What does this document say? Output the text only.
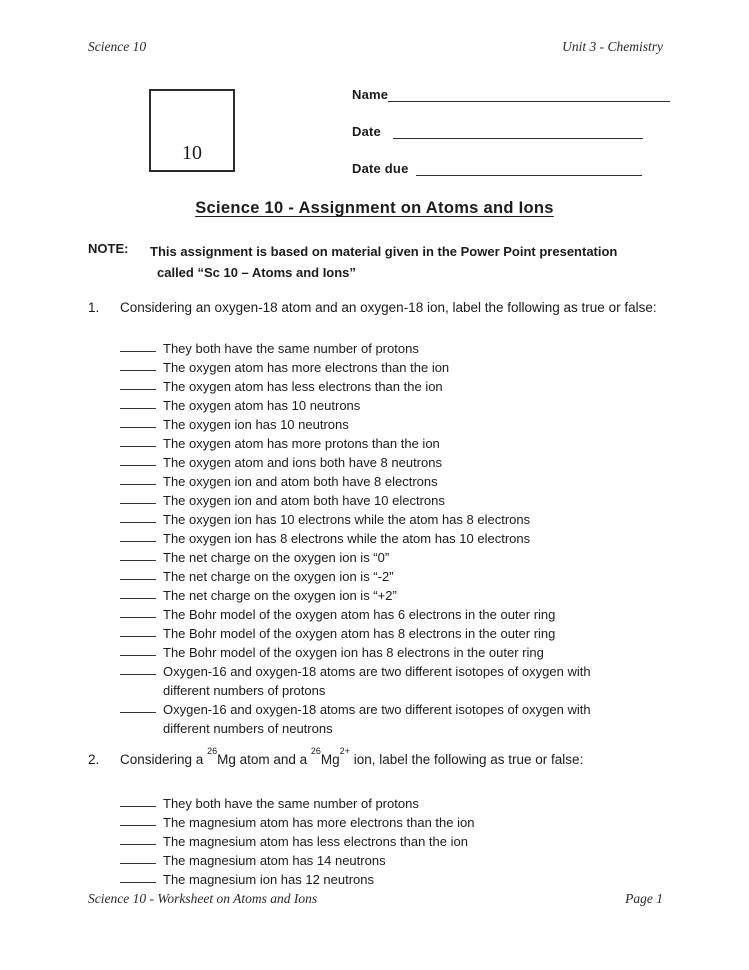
Science 10	Unit 3 - Chemistry
10
Name
Date
Date due
Science 10 - Assignment on Atoms and Ions
NOTE: This assignment is based on material given in the Power Point presentation
called “Sc 10 – Atoms and Ions”
1. Considering an oxygen-18 atom and an oxygen-18 ion, label the following as true or false:
They both have the same number of protons
The oxygen atom has more electrons than the ion
The oxygen atom has less electrons than the ion
The oxygen atom has 10 neutrons
The oxygen ion has 10 neutrons
The oxygen atom has more protons than the ion
The oxygen atom and ions both have 8 neutrons
The oxygen ion and atom both have 8 electrons
The oxygen ion and atom both have 10 electrons
The oxygen ion has 10 electrons while the atom has 8 electrons
The oxygen ion has 8 electrons while the atom has 10 electrons
The net charge on the oxygen ion is “0”
The net charge on the oxygen ion is “-2”
The net charge on the oxygen ion is “+2”
The Bohr model of the oxygen atom has 6 electrons in the outer ring
The Bohr model of the oxygen atom has 8 electrons in the outer ring
The Bohr model of the oxygen ion has 8 electrons in the outer ring
Oxygen-16 and oxygen-18 atoms are two different isotopes of oxygen with different numbers of protons
Oxygen-16 and oxygen-18 atoms are two different isotopes of oxygen with different numbers of neutrons
2. Considering a $^{26}$Mg atom and a $^{26}Mg^{2+}$ ion, label the following as true or false:
They both have the same number of protons
The magnesium atom has more electrons than the ion
The magnesium atom has less electrons than the ion
The magnesium atom has 14 neutrons
The magnesium ion has 12 neutrons
Science 10 - Worksheet on Atoms and Ions	Page 1
